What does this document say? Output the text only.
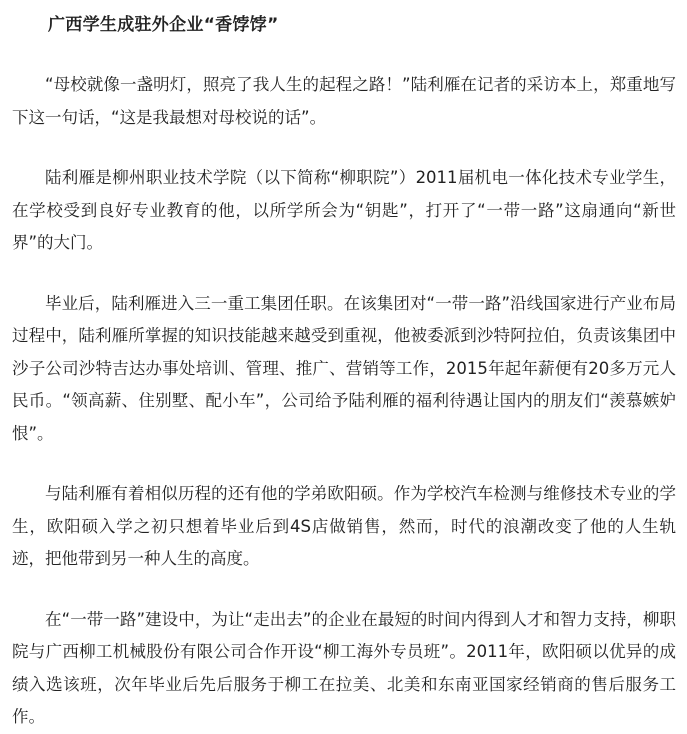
广西学生成驻外企业“香饽饽”

“母校就像一盏明灯，照亮了我人生的起程之路！”陆利雁在记者的采访本上，郑重地写下这一句话，“这是我最想对母校说的话”。

陆利雁是柳州职业技术学院（以下简称“柳职院”）2011届机电一体化技术专业学生，在学校受到良好专业教育的他，以所学所会为“钥匙”，打开了“一带一路”这扇通向“新世界”的大门。

毕业后，陆利雁进入三一重工集团任职。在该集团对“一带一路”沿线国家进行产业布局过程中，陆利雁所掌握的知识技能越来越受到重视，他被委派到沙特阿拉伯，负责该集团中沙子公司沙特吉达办事处培训、管理、推广、营销等工作，2015年起年薪便有20多万元人民币。“领高薪、住别墅、配小车”，公司给予陆利雁的福利待遇让国内的朋友们“羡慕嫉妒恨”。

与陆利雁有着相似历程的还有他的学弟欧阳硕。作为学校汽车检测与维修技术专业的学生，欧阳硕入学之初只想着毕业后到4S店做销售，然而，时代的浪潮改变了他的人生轨迹，把他带到另一种人生的高度。

在“一带一路”建设中，为让“走出去”的企业在最短的时间内得到人才和智力支持，柳职院与广西柳工机械股份有限公司合作开设“柳工海外专员班”。2011年，欧阳硕以优异的成绩入选该班，次年毕业后先后服务于柳工在拉美、北美和东南亚国家经销商的售后服务工作。
